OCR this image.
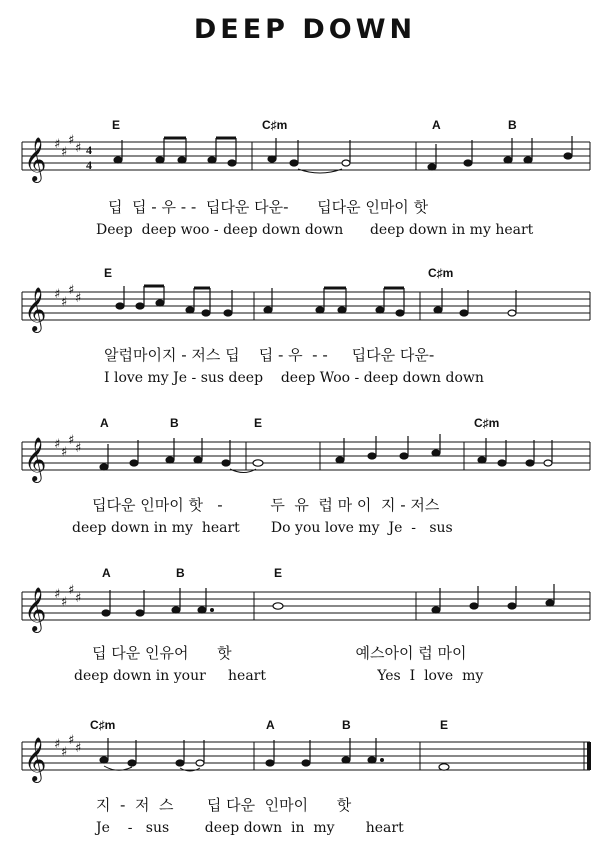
DEEP DOWN
E	C♯m	A	B
𝄞 ♯
♯
♯
♯ 4
4
딥  딥 - 우 - -  딥다운 다운-      딥다운 인마이 핫
Deep  deep woo - deep down down      deep down in my heart
E	C♯m
𝄞 ♯
♯
♯
♯
알럽마이지 - 저스 딥    딥 - 우  - -     딥다운 다운-
I love my Je - sus deep    deep Woo - deep down down
A	B	E	C♯m
𝄞 ♯
♯
♯
♯
딥다운 인마이 핫   -          두  유  럽 마 이  지 - 저스
deep down in my  heart       Do you love my  Je  -   sus
A	B	E
𝄞 ♯
♯
♯
♯
딥 다운 인유어      핫                          예스아이 럽 마이
deep down in your     heart                         Yes  I  love  my
C♯m	A	B	E
𝄞 ♯
♯
♯
♯
지  -  저  스       딥 다운  인마이      핫
Je    -   sus        deep down  in  my       heart
